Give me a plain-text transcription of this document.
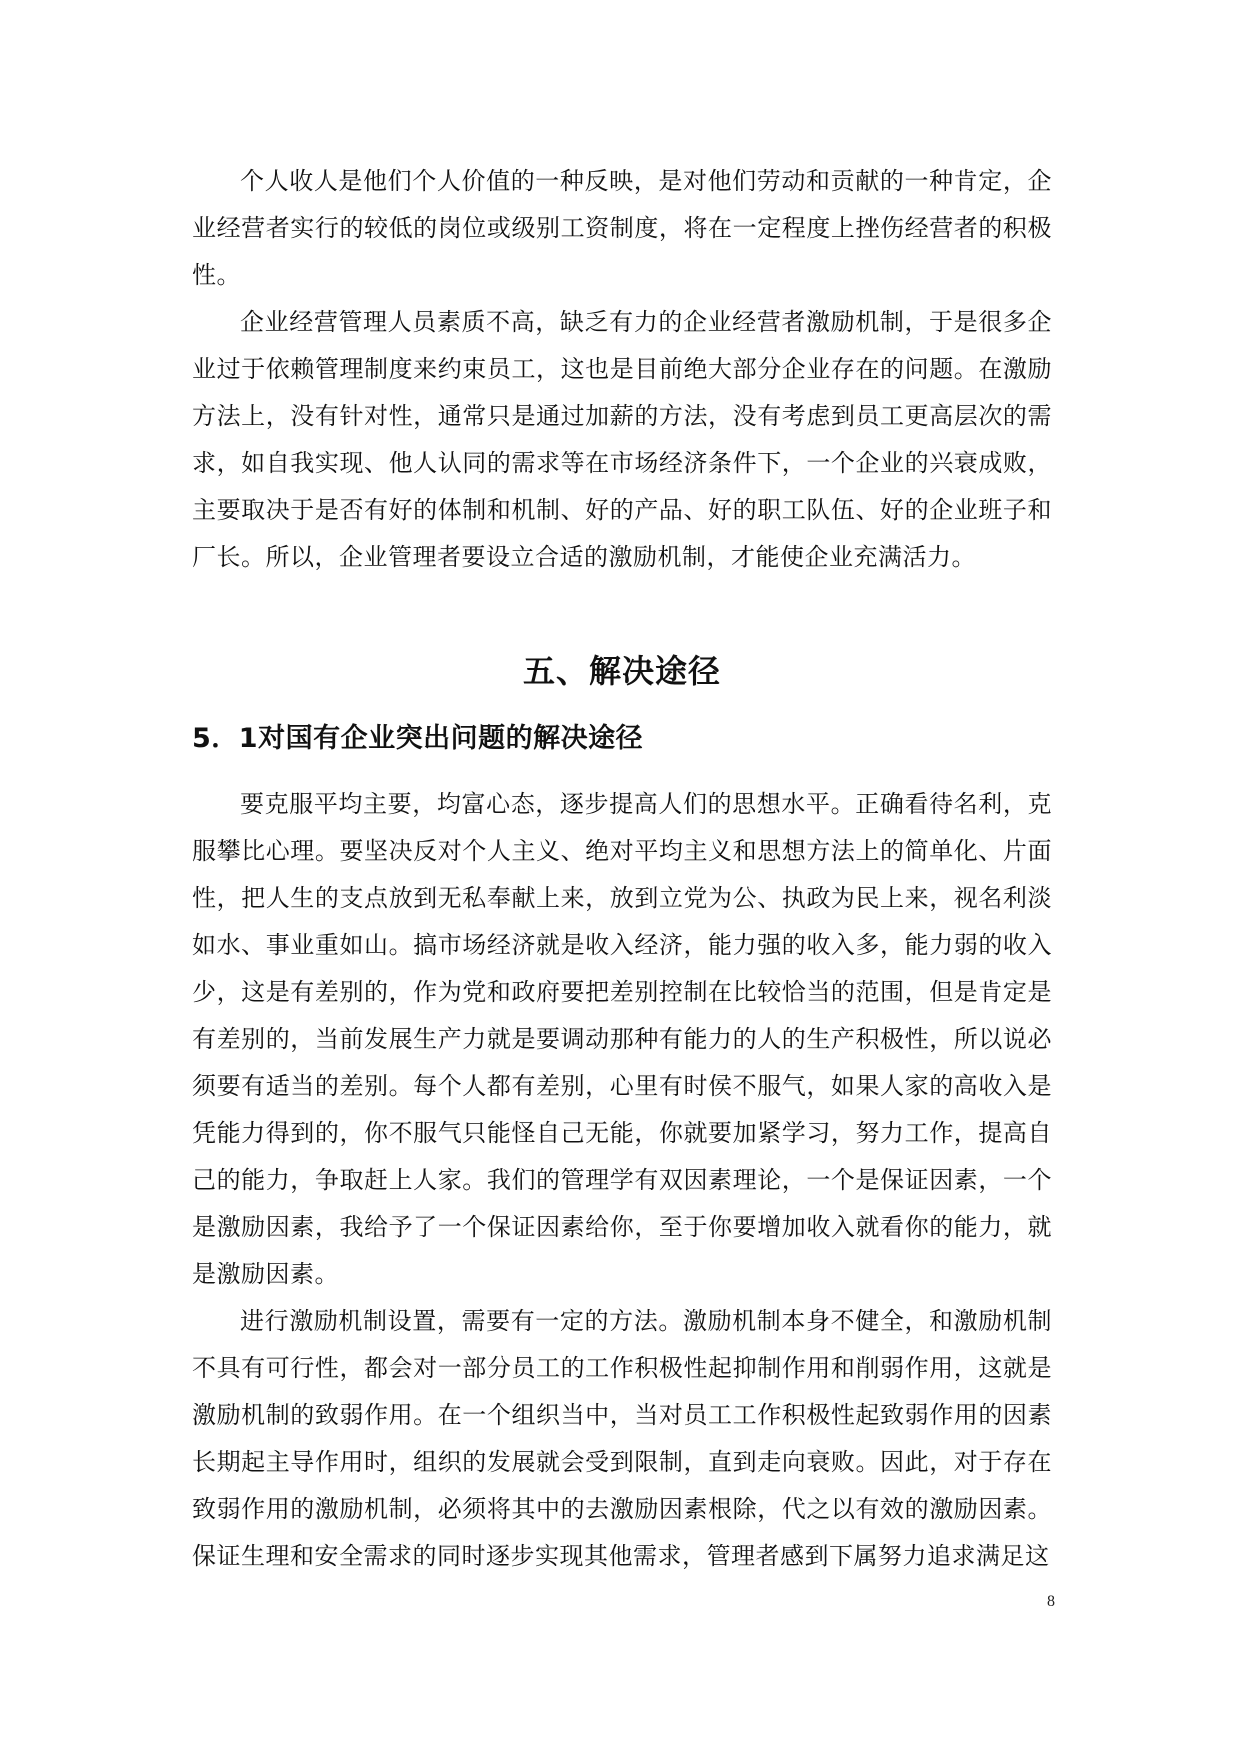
个人收人是他们个人价值的一种反映，是对他们劳动和贡献的一种肯定，企业经营者实行的较低的岗位或级别工资制度，将在一定程度上挫伤经营者的积极性。

企业经营管理人员素质不高，缺乏有力的企业经营者激励机制，于是很多企业过于依赖管理制度来约束员工，这也是目前绝大部分企业存在的问题。在激励方法上，没有针对性，通常只是通过加薪的方法，没有考虑到员工更高层次的需求，如自我实现、他人认同的需求等在市场经济条件下，一个企业的兴衰成败，主要取决于是否有好的体制和机制、好的产品、好的职工队伍、好的企业班子和厂长。所以，企业管理者要设立合适的激励机制，才能使企业充满活力。

五、解决途径
5．1对国有企业突出问题的解决途径

要克服平均主要，均富心态，逐步提高人们的思想水平。正确看待名利，克服攀比心理。要坚决反对个人主义、绝对平均主义和思想方法上的简单化、片面性，把人生的支点放到无私奉献上来，放到立党为公、执政为民上来，视名利淡如水、事业重如山。搞市场经济就是收入经济，能力强的收入多，能力弱的收入少，这是有差别的，作为党和政府要把差别控制在比较恰当的范围，但是肯定是有差别的，当前发展生产力就是要调动那种有能力的人的生产积极性，所以说必须要有适当的差别。每个人都有差别，心里有时侯不服气，如果人家的高收入是凭能力得到的，你不服气只能怪自己无能，你就要加紧学习，努力工作，提高自己的能力，争取赶上人家。我们的管理学有双因素理论，一个是保证因素，一个是激励因素，我给予了一个保证因素给你，至于你要增加收入就看你的能力，就是激励因素。

进行激励机制设置，需要有一定的方法。激励机制本身不健全，和激励机制不具有可行性，都会对一部分员工的工作积极性起抑制作用和削弱作用，这就是激励机制的致弱作用。在一个组织当中，当对员工工作积极性起致弱作用的因素长期起主导作用时，组织的发展就会受到限制，直到走向衰败。因此，对于存在致弱作用的激励机制，必须将其中的去激励因素根除，代之以有效的激励因素。保证生理和安全需求的同时逐步实现其他需求，管理者感到下属努力追求满足这

8
